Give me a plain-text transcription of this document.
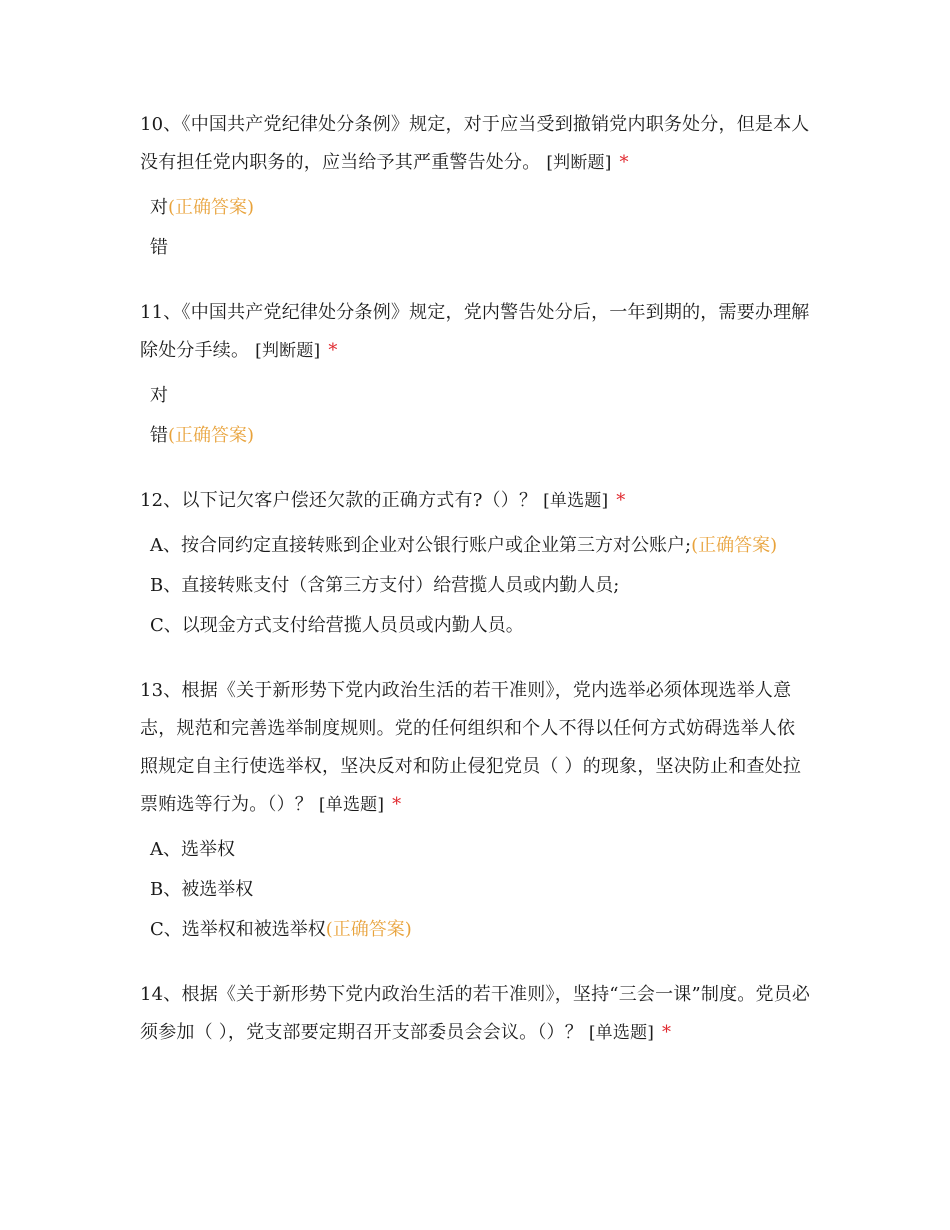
10、《中国共产党纪律处分条例》规定，对于应当受到撤销党内职务处分，但是本人没有担任党内职务的，应当给予其严重警告处分。 [判断题] *

对(正确答案)
错

11、《中国共产党纪律处分条例》规定，党内警告处分后，一年到期的，需要办理解除处分手续。 [判断题] *

对
错(正确答案)

12、以下记欠客户偿还欠款的正确方式有?（）？ [单选题] *

A、按合同约定直接转账到企业对公银行账户或企业第三方对公账户;(正确答案)
B、直接转账支付（含第三方支付）给营揽人员或内勤人员;
C、以现金方式支付给营揽人员员或内勤人员。

13、根据《关于新形势下党内政治生活的若干准则》，党内选举必须体现选举人意志，规范和完善选举制度规则。党的任何组织和个人不得以任何方式妨碍选举人依照规定自主行使选举权，坚决反对和防止侵犯党员（ ）的现象，坚决防止和查处拉票贿选等行为。（）？ [单选题] *

A、选举权
B、被选举权
C、选举权和被选举权(正确答案)

14、根据《关于新形势下党内政治生活的若干准则》，坚持“三会一课”制度。党员必须参加（ ），党支部要定期召开支部委员会会议。（）？ [单选题] *
